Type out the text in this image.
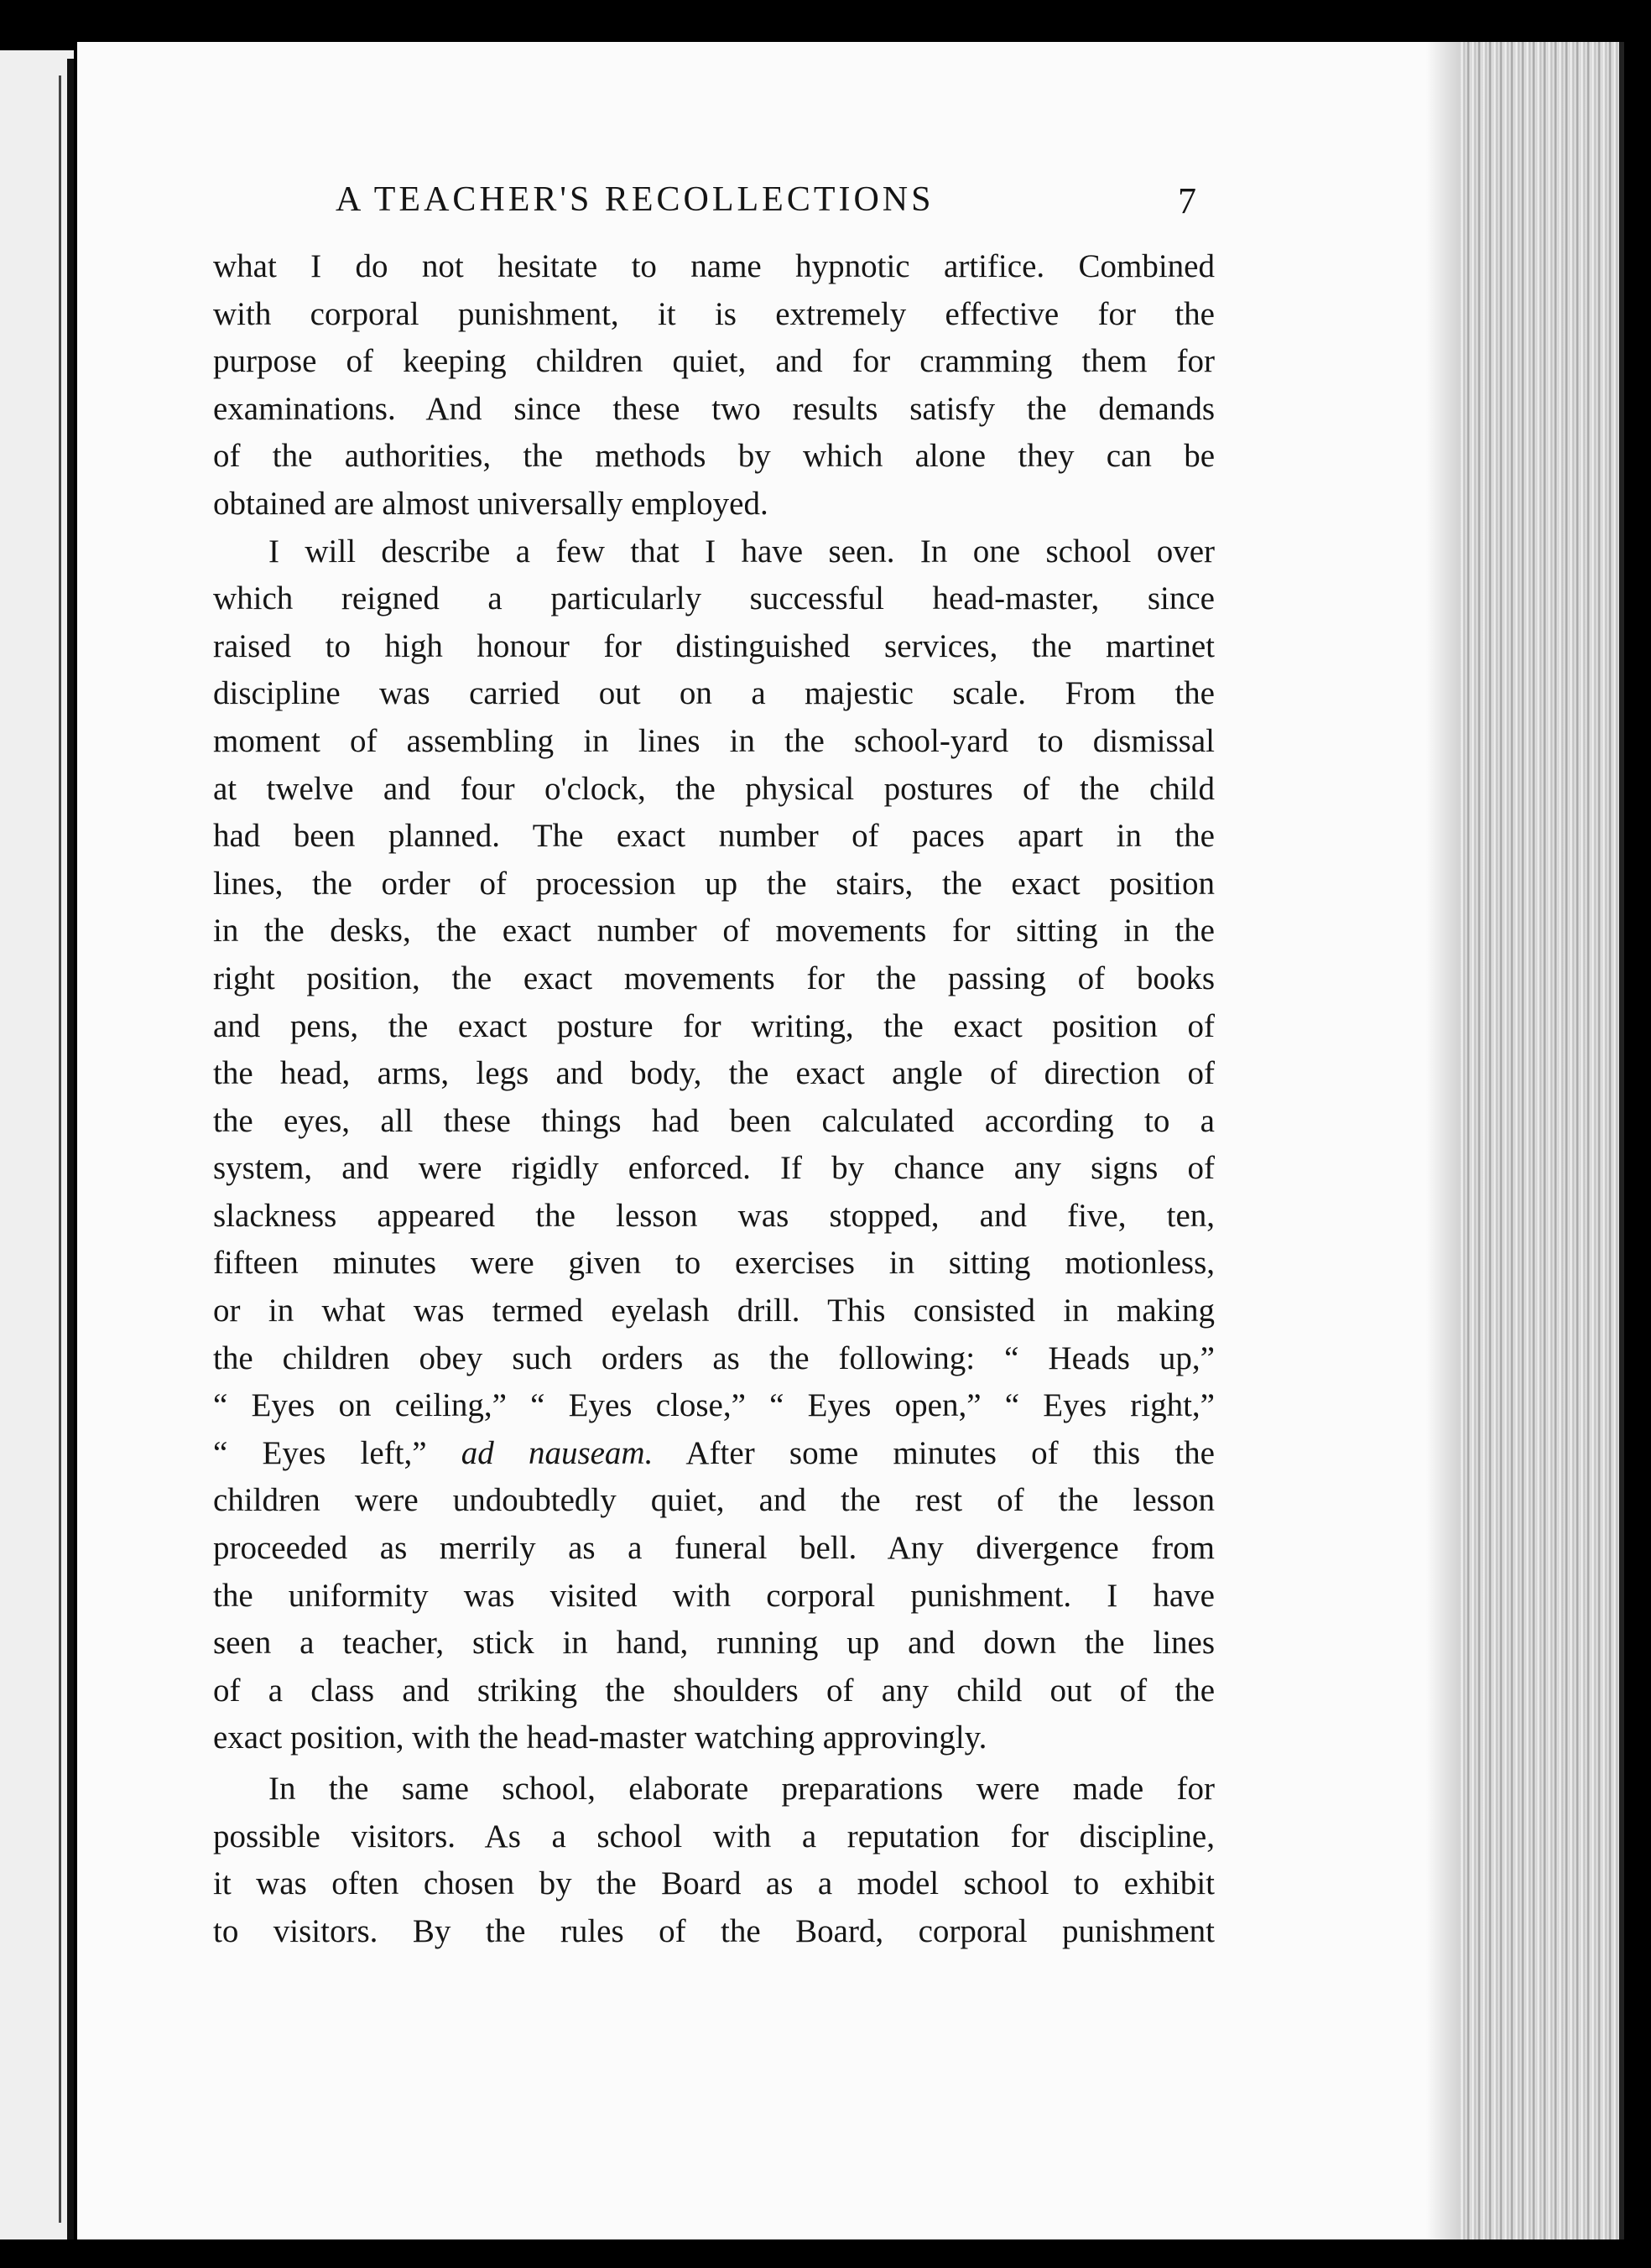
A TEACHER'S RECOLLECTIONS	7
what I do not hesitate to name hypnotic artifice. Combined
with corporal punishment, it is extremely effective for the
purpose of keeping children quiet, and for cramming them for
examinations. And since these two results satisfy the demands
of the authorities, the methods by which alone they can be
obtained are almost universally employed.
I will describe a few that I have seen. In one school over
which reigned a particularly successful head-master, since
raised to high honour for distinguished services, the martinet
discipline was carried out on a majestic scale. From the
moment of assembling in lines in the school-yard to dismissal
at twelve and four o'clock, the physical postures of the child
had been planned. The exact number of paces apart in the
lines, the order of procession up the stairs, the exact position
in the desks, the exact number of movements for sitting in the
right position, the exact movements for the passing of books
and pens, the exact posture for writing, the exact position of
the head, arms, legs and body, the exact angle of direction of
the eyes, all these things had been calculated according to a
system, and were rigidly enforced. If by chance any signs of
slackness appeared the lesson was stopped, and five, ten,
fifteen minutes were given to exercises in sitting motionless,
or in what was termed eyelash drill. This consisted in making
the children obey such orders as the following: “ Heads up,”
“ Eyes on ceiling,” “ Eyes close,” “ Eyes open,” “ Eyes right,”
“ Eyes left,” ad nauseam. After some minutes of this the
children were undoubtedly quiet, and the rest of the lesson
proceeded as merrily as a funeral bell. Any divergence from
the uniformity was visited with corporal punishment. I have
seen a teacher, stick in hand, running up and down the lines
of a class and striking the shoulders of any child out of the
exact position, with the head-master watching approvingly.
In the same school, elaborate preparations were made for
possible visitors. As a school with a reputation for discipline,
it was often chosen by the Board as a model school to exhibit
to visitors. By the rules of the Board, corporal punishment
